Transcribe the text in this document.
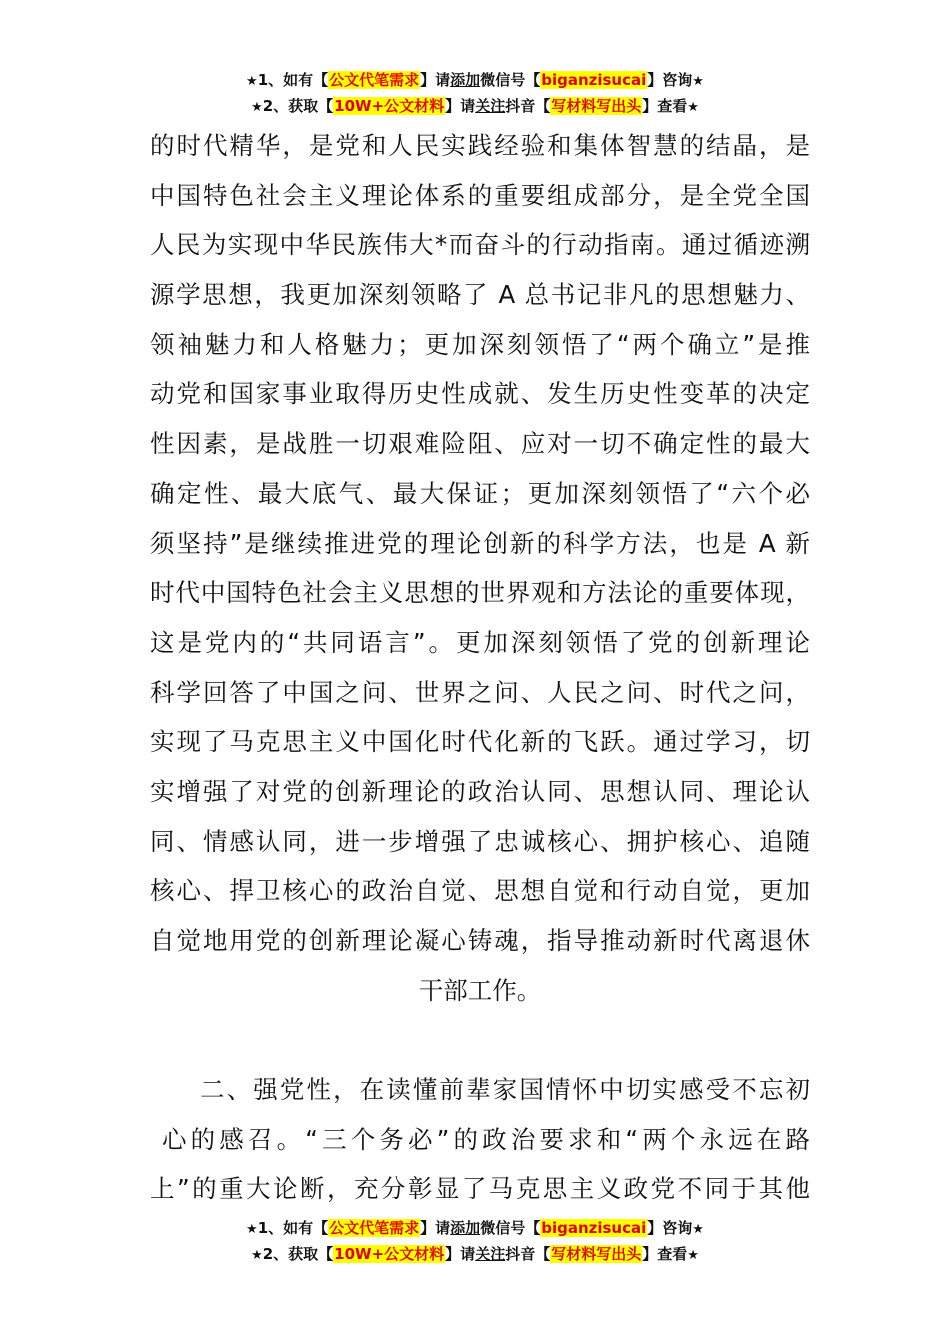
★1、如有【公文代笔需求】请添加微信号【biganzisucai】咨询★
★2、获取【10W+公文材料】请关注抖音【写材料写出头】查看★
的时代精华，是党和人民实践经验和集体智慧的结晶，是
中国特色社会主义理论体系的重要组成部分，是全党全国
人民为实现中华民族伟大*而奋斗的行动指南。通过循迹溯
源学思想，我更加深刻领略了 A 总书记非凡的思想魅力、
领袖魅力和人格魅力；更加深刻领悟了“两个确立”是推
动党和国家事业取得历史性成就、发生历史性变革的决定
性因素，是战胜一切艰难险阻、应对一切不确定性的最大
确定性、最大底气、最大保证；更加深刻领悟了“六个必
须坚持”是继续推进党的理论创新的科学方法，也是 A 新
时代中国特色社会主义思想的世界观和方法论的重要体现，
这是党内的“共同语言”。更加深刻领悟了党的创新理论
科学回答了中国之问、世界之问、人民之问、时代之问，
实现了马克思主义中国化时代化新的飞跃。通过学习，切
实增强了对党的创新理论的政治认同、思想认同、理论认
同、情感认同，进一步增强了忠诚核心、拥护核心、追随
核心、捍卫核心的政治自觉、思想自觉和行动自觉，更加
自觉地用党的创新理论凝心铸魂，指导推动新时代离退休
干部工作。
二、强党性，在读懂前辈家国情怀中切实感受不忘初
心的感召。“三个务必”的政治要求和“两个永远在路
上”的重大论断，充分彰显了马克思主义政党不同于其他
★1、如有【公文代笔需求】请添加微信号【biganzisucai】咨询★
★2、获取【10W+公文材料】请关注抖音【写材料写出头】查看★
